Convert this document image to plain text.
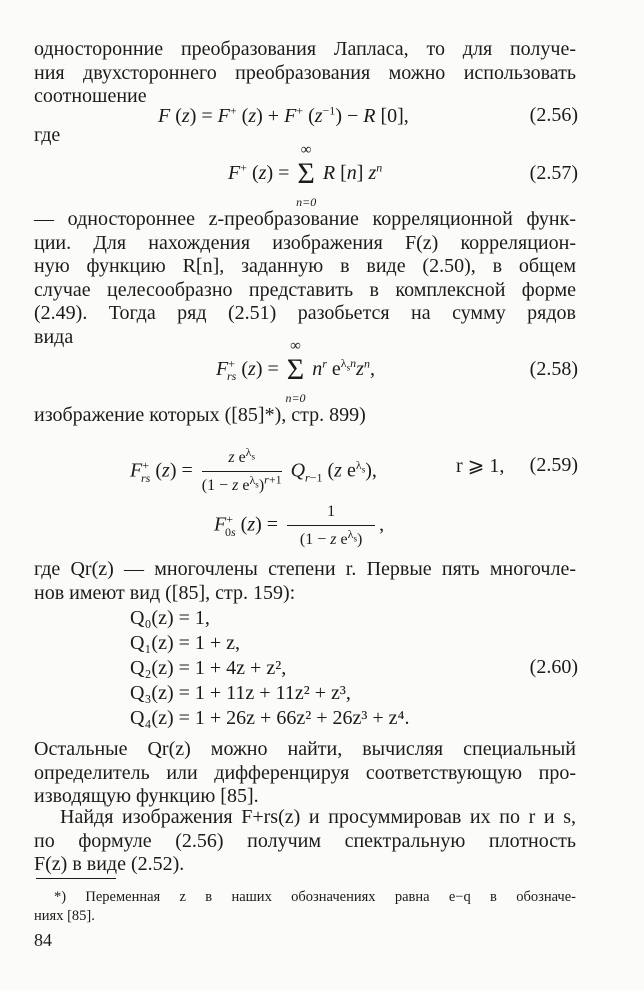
односторонние преобразования Лапласа, то для получе-
ния двухстороннего преобразования можно использовать
соотношение
F (z) = F+ (z) + F+ $(z^{-1}) - R$ [0],	(2.56)
где
F+ (z) =
∞
Σ
n=0
R [n] $z^n$	(2.57)
— одностороннее z-преобразование корреляционной функ-
ции. Для нахождения изображения F(z) корреляцион-
ную функцию R[n], заданную в виде (2.50), в общем
случае целесообразно представить в комплексной форме
(2.49). Тогда ряд (2.51) разобьется на сумму рядов
вида
$F^+_{rs}$ (z) =
∞
Σ
n=0
$n^r$ $e^{\lambda_sn}z^n$,	(2.58)
изображение которых ([85]*), стр. 899)
$F^+_{rs}$ $(z) = \frac{z e^{\lambda_s}}{(1 - z e^{\lambda_s})^{r+1}} Q_{r-1}$ (z $e^{\lambda_s}$),	r ⩾ 1, (2.59)
$F^+_{0s}$ $(z) = \frac{1}{(1 - z e^{\lambda_s})}$ ,
где Qr(z) — многочлены степени r. Первые пять многочле-
нов имеют вид ([85], стр. 159):
Q₀(z) = 1,
Q₁(z) = 1 + z,
Q₂(z) = 1 + 4z + z²,
Q₃(z) = 1 + 11z + 11z² + z³,
Q₄(z) = 1 + 26z + 66z² + 26z³ + z⁴.
(2.60)
Остальные Qr(z) можно найти, вычисляя специальный
определитель или дифференцируя соответствующую про-
изводящую функцию [85].
Найдя изображения F+rs(z) и просуммировав их по r и s,
по формуле (2.56) получим спектральную плотность
F(z) в виде (2.52).
*) Переменная z в наших обозначениях равна e−q в обозначе-
ниях [85].
84
